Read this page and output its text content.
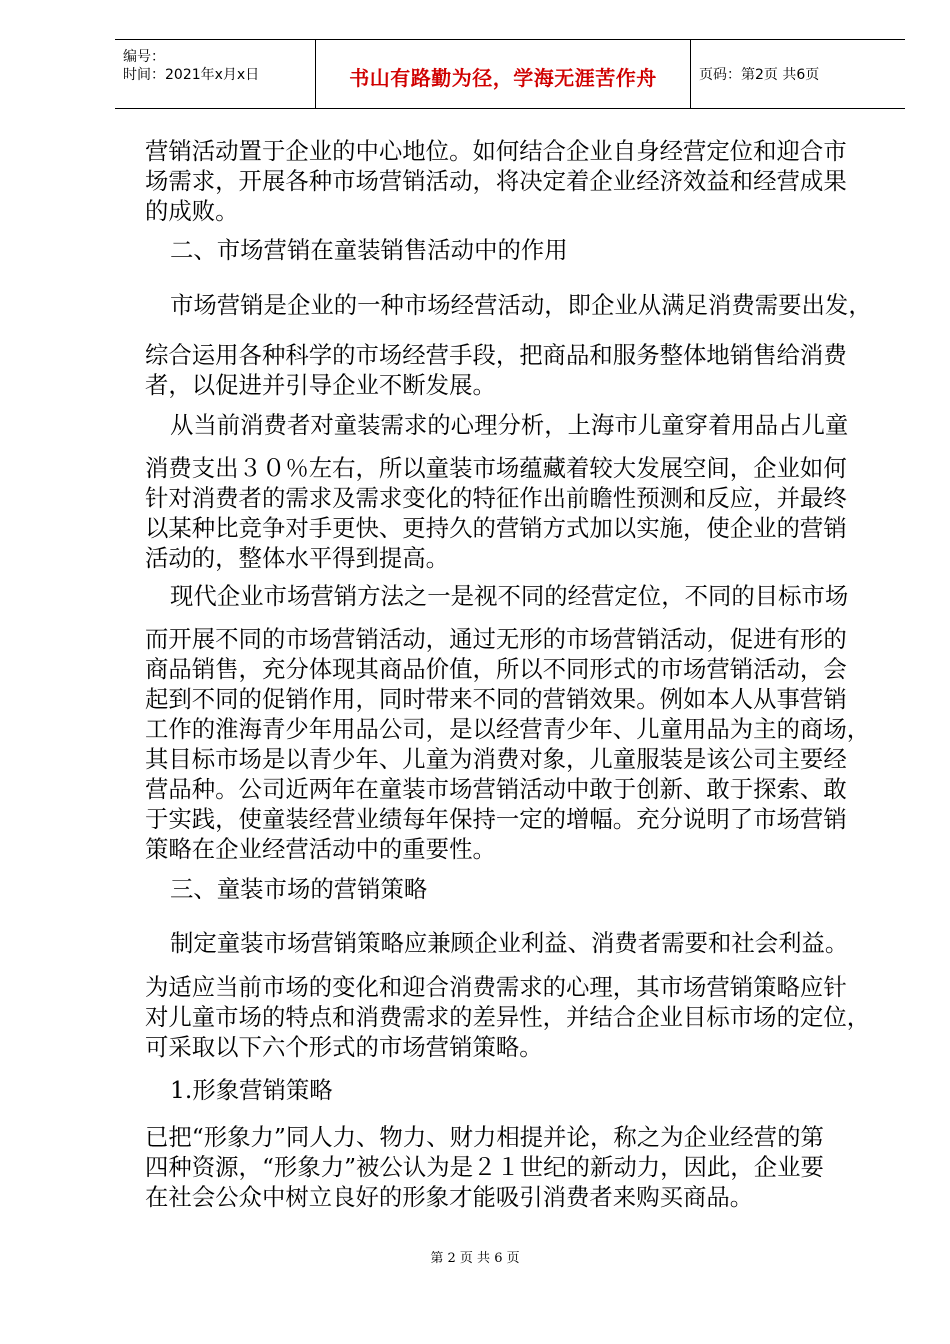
编号：
时间：2021年x月x日	书山有路勤为径，学海无涯苦作舟	页码：第2页 共6页
营销活动置于企业的中心地位。如何结合企业自身经营定位和迎合市
场需求，开展各种市场营销活动，将决定着企业经济效益和经营成果
的成败。
二、市场营销在童装销售活动中的作用
市场营销是企业的一种市场经营活动，即企业从满足消费需要出发，
综合运用各种科学的市场经营手段，把商品和服务整体地销售给消费
者，以促进并引导企业不断发展。
从当前消费者对童装需求的心理分析，上海市儿童穿着用品占儿童
消费支出３０％左右，所以童装市场蕴藏着较大发展空间，企业如何
针对消费者的需求及需求变化的特征作出前瞻性预测和反应，并最终
以某种比竞争对手更快、更持久的营销方式加以实施，使企业的营销
活动的，整体水平得到提高。
现代企业市场营销方法之一是视不同的经营定位，不同的目标市场
而开展不同的市场营销活动，通过无形的市场营销活动，促进有形的
商品销售，充分体现其商品价值，所以不同形式的市场营销活动，会
起到不同的促销作用，同时带来不同的营销效果。例如本人从事营销
工作的淮海青少年用品公司，是以经营青少年、儿童用品为主的商场，
其目标市场是以青少年、儿童为消费对象，儿童服装是该公司主要经
营品种。公司近两年在童装市场营销活动中敢于创新、敢于探索、敢
于实践，使童装经营业绩每年保持一定的增幅。充分说明了市场营销
策略在企业经营活动中的重要性。
三、童装市场的营销策略
制定童装市场营销策略应兼顾企业利益、消费者需要和社会利益。
为适应当前市场的变化和迎合消费需求的心理，其市场营销策略应针
对儿童市场的特点和消费需求的差异性，并结合企业目标市场的定位，
可采取以下六个形式的市场营销策略。
1.形象营销策略
已把“形象力”同人力、物力、财力相提并论，称之为企业经营的第
四种资源，“形象力”被公认为是２１世纪的新动力，因此，企业要
在社会公众中树立良好的形象才能吸引消费者来购买商品。
第 2 页 共 6 页
